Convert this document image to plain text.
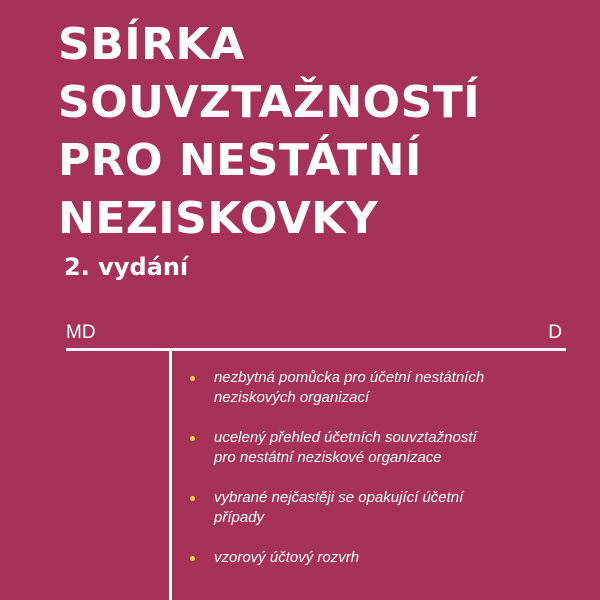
SBÍRKA
SOUVZTAŽNOSTÍ
PRO NESTÁTNÍ
NEZISKOVKY
2. vydání
MD	D
nezbytná pomůcka pro účetní nestátních
neziskových organizací
ucelený přehled účetních souvztažností
pro nestátní neziskové organizace
vybrané nejčastěji se opakující účetní
případy
vzorový účtový rozvrh
